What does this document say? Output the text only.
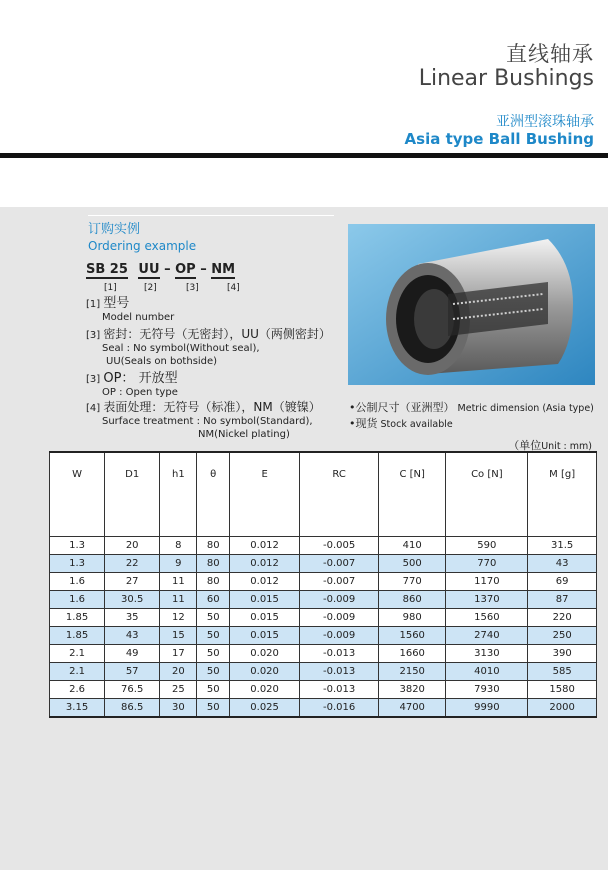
直线轴承
Linear Bushings
亚洲型滚珠轴承
Asia type Ball Bushing
订购实例
Ordering example
SB 25 UU – OP – NM
[1]	[2]	[3]	[4]
[1] 型号
Model number
[3] 密封：无符号（无密封），UU（两侧密封）
Seal : No symbol(Without seal),
UU(Seals on bothside)
[3] OP： 开放型
OP : Open type
[4] 表面处理：无符号（标准），NM（镀镍）
Surface treatment : No symbol(Standard),
NM(Nickel plating)
•公制尺寸（亚洲型） Metric dimension (Asia type)
•现货 Stock available
（单位Unit : mm)
W	D1	h1	θ	E	RC	C [N]	Co [N]	M [g]
1.3	20	8	80	0.012	-0.005	410	590	31.5
1.3	22	9	80	0.012	-0.007	500	770	43
1.6	27	11	80	0.012	-0.007	770	1170	69
1.6	30.5	11	60	0.015	-0.009	860	1370	87
1.85	35	12	50	0.015	-0.009	980	1560	220
1.85	43	15	50	0.015	-0.009	1560	2740	250
2.1	49	17	50	0.020	-0.013	1660	3130	390
2.1	57	20	50	0.020	-0.013	2150	4010	585
2.6	76.5	25	50	0.020	-0.013	3820	7930	1580
3.15	86.5	30	50	0.025	-0.016	4700	9990	2000
